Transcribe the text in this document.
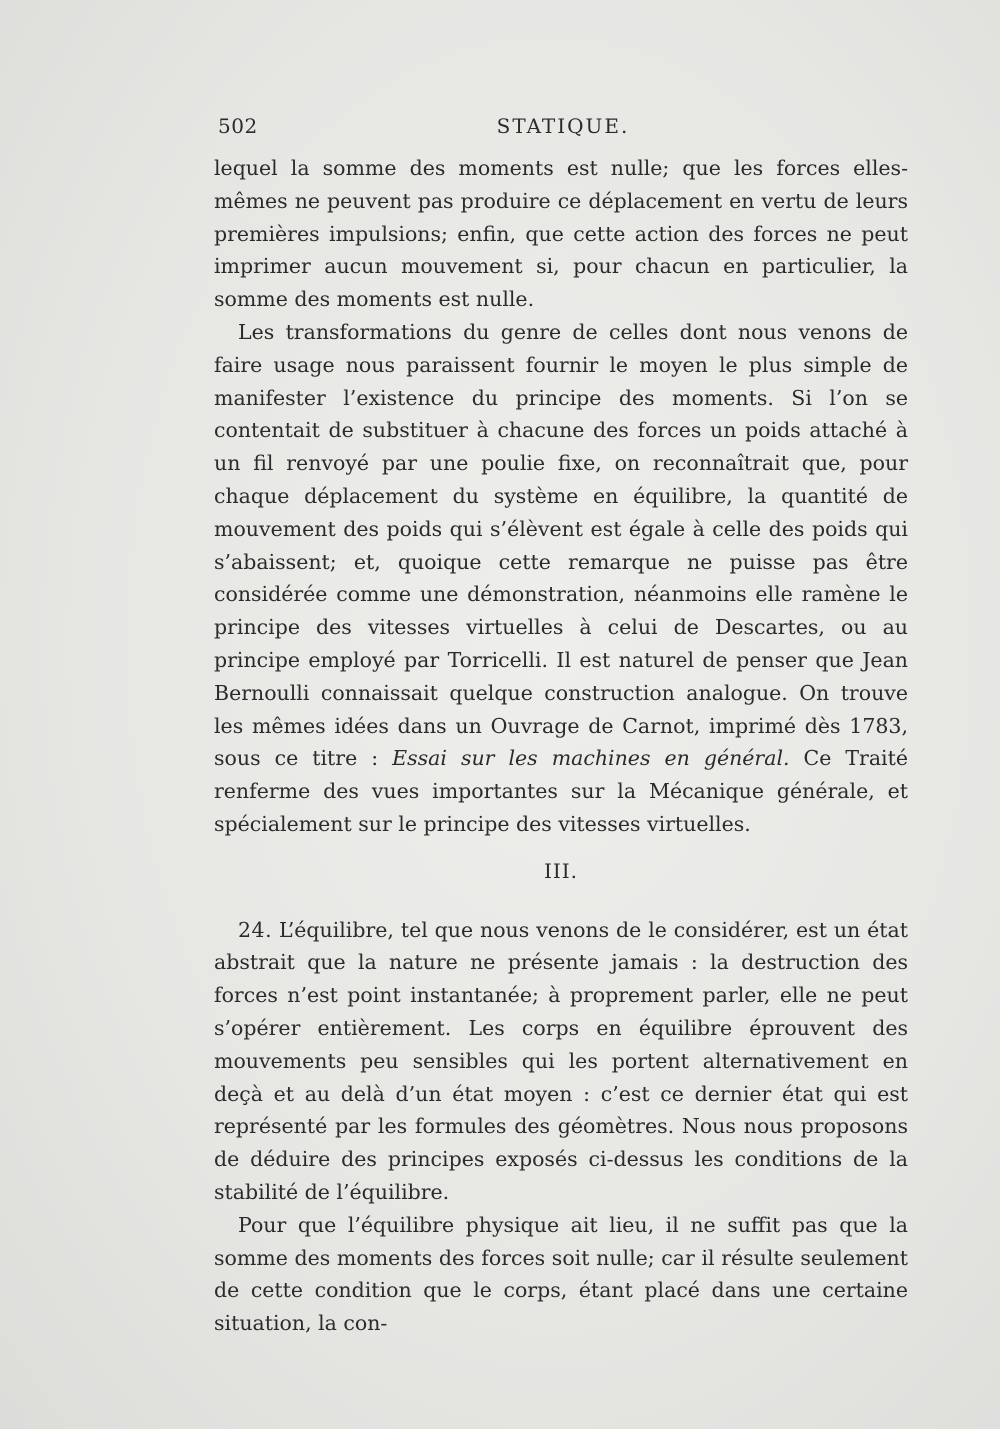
502	STATIQUE.

lequel la somme des moments est nulle; que les forces elles-mêmes ne peuvent pas produire ce déplacement en vertu de leurs premières impulsions; enfin, que cette action des forces ne peut imprimer aucun mouvement si, pour chacun en particulier, la somme des moments est nulle.

Les transformations du genre de celles dont nous venons de faire usage nous paraissent fournir le moyen le plus simple de manifester l’existence du principe des moments. Si l’on se contentait de substituer à chacune des forces un poids attaché à un fil renvoyé par une poulie fixe, on reconnaîtrait que, pour chaque déplacement du système en équilibre, la quantité de mouvement des poids qui s’élèvent est égale à celle des poids qui s’abaissent; et, quoique cette remarque ne puisse pas être considérée comme une démonstration, néanmoins elle ramène le principe des vitesses virtuelles à celui de Descartes, ou au principe employé par Torricelli. Il est naturel de penser que Jean Bernoulli connaissait quelque construction analogue. On trouve les mêmes idées dans un Ouvrage de Carnot, imprimé dès 1783, sous ce titre : Essai sur les machines en général. Ce Traité renferme des vues importantes sur la Mécanique générale, et spécialement sur le principe des vitesses virtuelles.

III.

24. L’équilibre, tel que nous venons de le considérer, est un état abstrait que la nature ne présente jamais : la destruction des forces n’est point instantanée; à proprement parler, elle ne peut s’opérer entièrement. Les corps en équilibre éprouvent des mouvements peu sensibles qui les portent alternativement en deçà et au delà d’un état moyen : c’est ce dernier état qui est représenté par les formules des géomètres. Nous nous proposons de déduire des principes exposés ci-dessus les conditions de la stabilité de l’équilibre.

Pour que l’équilibre physique ait lieu, il ne suffit pas que la somme des moments des forces soit nulle; car il résulte seulement de cette condition que le corps, étant placé dans une certaine situation, la con-
